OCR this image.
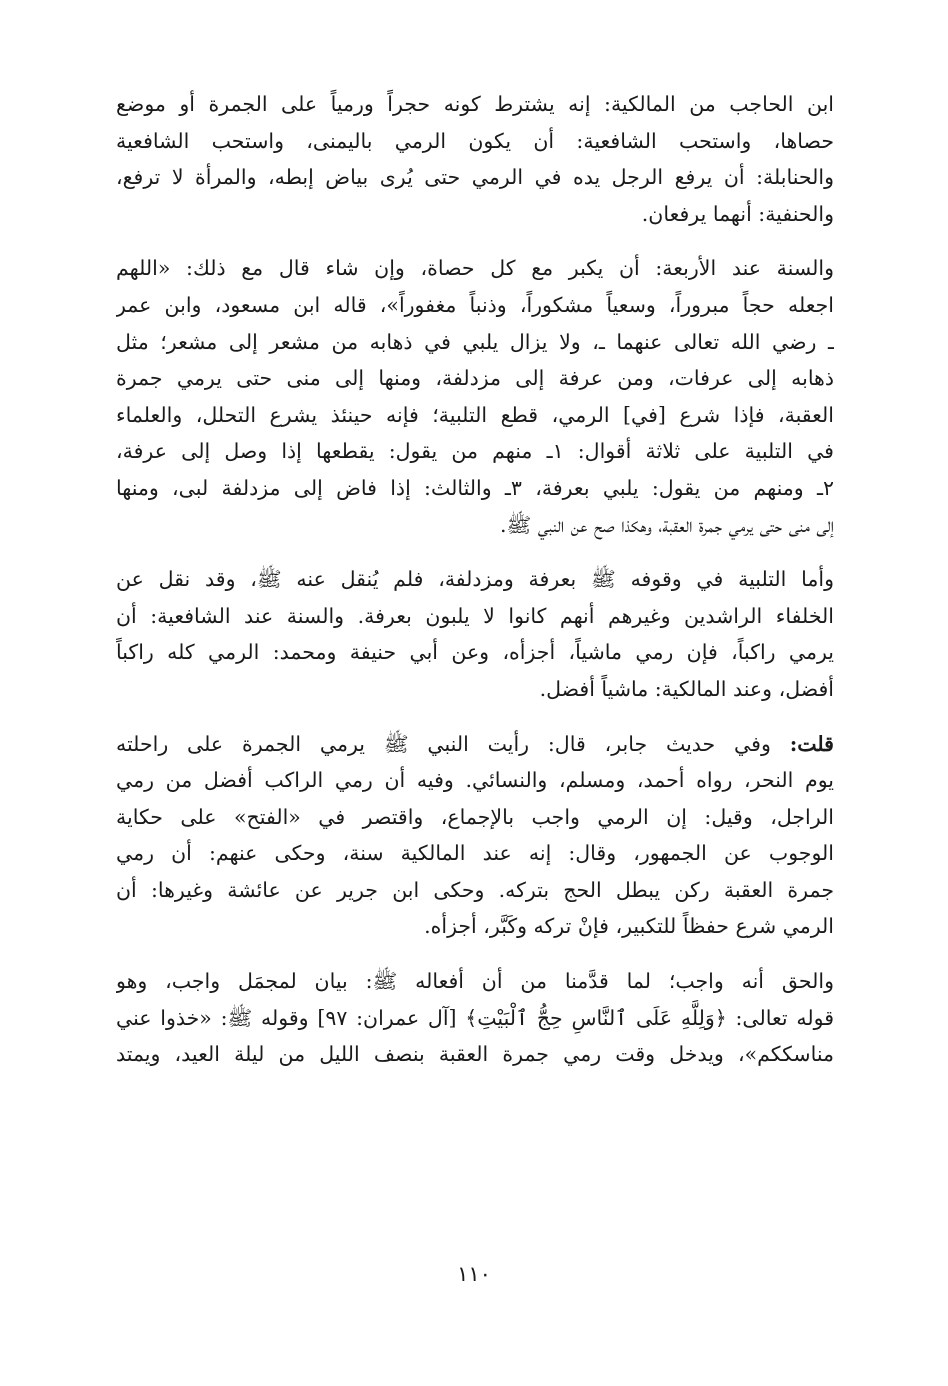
ابن الحاجب من المالكية: إنه يشترط كونه حجراً ورمياً على الجمرة أو موضع
حصاها، واستحب الشافعية: أن يكون الرمي باليمنى، واستحب الشافعية
والحنابلة: أن يرفع الرجل يده في الرمي حتى يُرى بياض إبطه، والمرأة لا ترفع،
والحنفية: أنهما يرفعان.
والسنة عند الأربعة: أن يكبر مع كل حصاة، وإن شاء قال مع ذلك: «اللهم
اجعله حجاً مبروراً، وسعياً مشكوراً، وذنباً مغفوراً»، قاله ابن مسعود، وابن عمر
ـ رضي الله تعالى عنهما ـ، ولا يزال يلبي في ذهابه من مشعر إلى مشعر؛ مثل
ذهابه إلى عرفات، ومن عرفة إلى مزدلفة، ومنها إلى منى حتى يرمي جمرة
العقبة، فإذا شرع [في] الرمي، قطع التلبية؛ فإنه حينئذ يشرع التحلل، والعلماء
في التلبية على ثلاثة أقوال: ١ـ منهم من يقول: يقطعها إذا وصل إلى عرفة،
٢ـ ومنهم من يقول: يلبي بعرفة، ٣ـ والثالث: إذا فاض إلى مزدلفة لبى، ومنها
إلى منى حتى يرمي جمرة العقبة، وهكذا صح عن النبي ﷺ.
وأما التلبية في وقوفه ﷺ بعرفة ومزدلفة، فلم يُنقل عنه ﷺ، وقد نقل عن
الخلفاء الراشدين وغيرهم أنهم كانوا لا يلبون بعرفة. والسنة عند الشافعية: أن
يرمي راكباً، فإن رمي ماشياً، أجزأه، وعن أبي حنيفة ومحمد: الرمي كله راكباً
أفضل، وعند المالكية: ماشياً أفضل.
قلت: وفي حديث جابر، قال: رأيت النبي ﷺ يرمي الجمرة على راحلته
يوم النحر، رواه أحمد، ومسلم، والنسائي. وفيه أن رمي الراكب أفضل من رمي
الراجل، وقيل: إن الرمي واجب بالإجماع، واقتصر في «الفتح» على حكاية
الوجوب عن الجمهور، وقال: إنه عند المالكية سنة، وحكى عنهم: أن رمي
جمرة العقبة ركن يبطل الحج بتركه. وحكى ابن جرير عن عائشة وغيرها: أن
الرمي شرع حفظاً للتكبير، فإنْ تركه وكَبَّر، أجزأه.
والحق أنه واجب؛ لما قدَّمنا من أن أفعاله ﷺ: بيان لمجمَل واجب، وهو
قوله تعالى: ﴿وَلِلَّهِ عَلَى ٱلنَّاسِ حِجُّ ٱلْبَيْتِ﴾ [آل عمران: ٩٧] وقوله ﷺ: «خذوا عني
مناسككم»، ويدخل وقت رمي جمرة العقبة بنصف الليل من ليلة العيد، ويمتد
١١٠
